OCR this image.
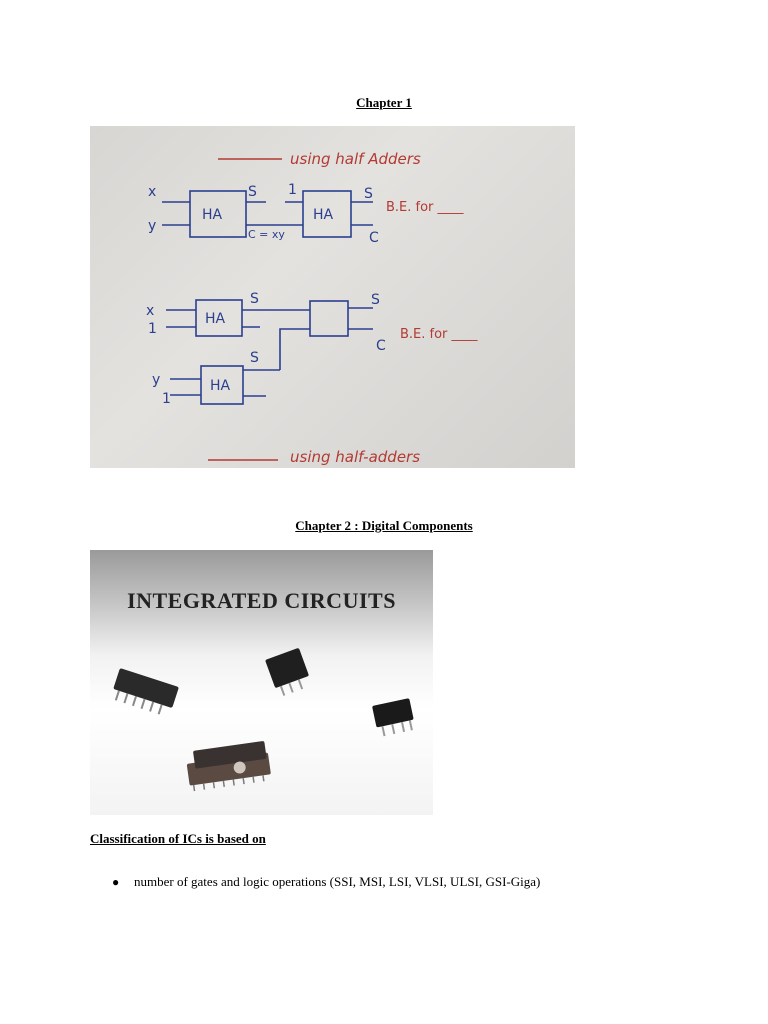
Chapter 1
using half Adders
x
y
HA	HA
S 1
C = xy
S
C
B.E. for ____
x
1
y
1
HA
HA
S
S
S
C
B.E. for ____
using half-adders
Chapter 2 : Digital Components
INTEGRATED CIRCUITS
Classification of ICs is based on
●	number of gates and logic operations (SSI, MSI, LSI, VLSI, ULSI, GSI-Giga)
